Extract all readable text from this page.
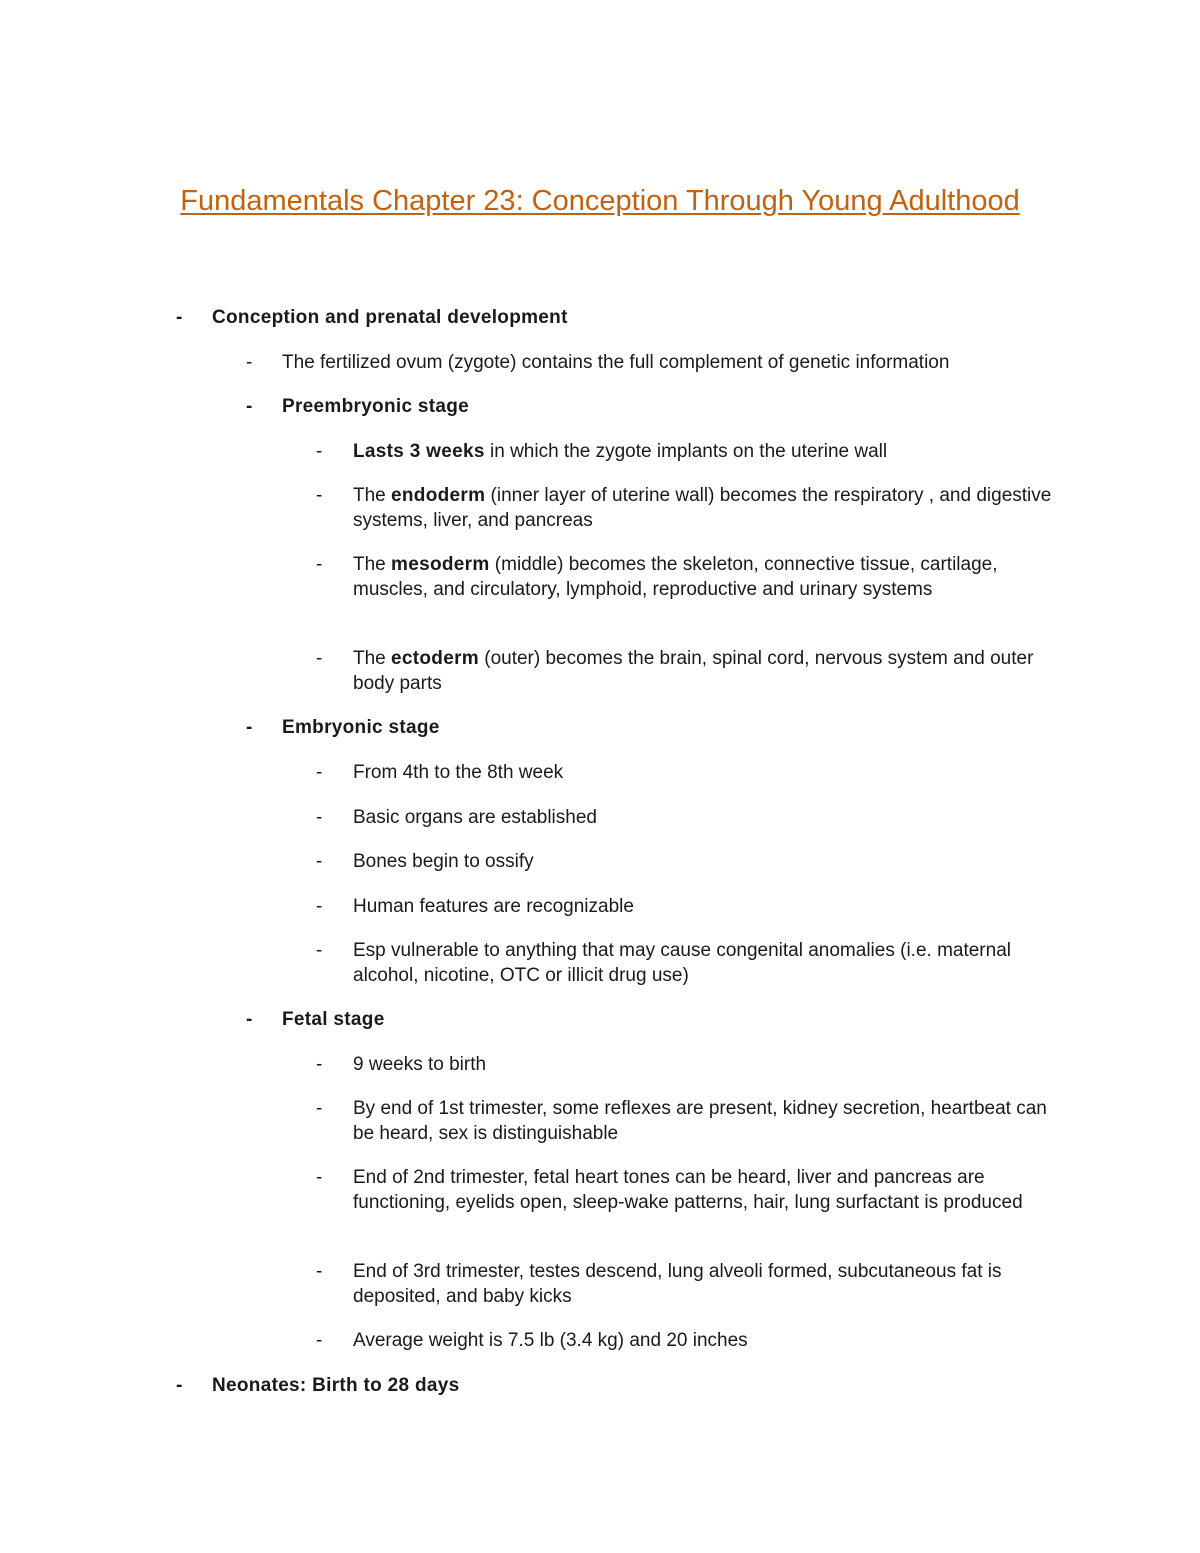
Fundamentals Chapter 23: Conception Through Young Adulthood
- Conception and prenatal development
- The fertilized ovum (zygote) contains the full complement of genetic information
- Preembryonic stage
- Lasts 3 weeks in which the zygote implants on the uterine wall
- The endoderm (inner layer of uterine wall) becomes the respiratory , and digestive systems, liver, and pancreas
- The mesoderm (middle) becomes the skeleton, connective tissue, cartilage, muscles, and circulatory, lymphoid, reproductive and urinary systems
- The ectoderm (outer) becomes the brain, spinal cord, nervous system and outer body parts
- Embryonic stage
- From 4th to the 8th week
- Basic organs are established
- Bones begin to ossify
- Human features are recognizable
- Esp vulnerable to anything that may cause congenital anomalies (i.e. maternal alcohol, nicotine, OTC or illicit drug use)
- Fetal stage
- 9 weeks to birth
- By end of 1st trimester, some reflexes are present, kidney secretion, heartbeat can be heard, sex is distinguishable
- End of 2nd trimester, fetal heart tones can be heard, liver and pancreas are functioning, eyelids open, sleep-wake patterns, hair, lung surfactant is produced
- End of 3rd trimester, testes descend, lung alveoli formed, subcutaneous fat is deposited, and baby kicks
- Average weight is 7.5 lb (3.4 kg) and 20 inches
- Neonates: Birth to 28 days
